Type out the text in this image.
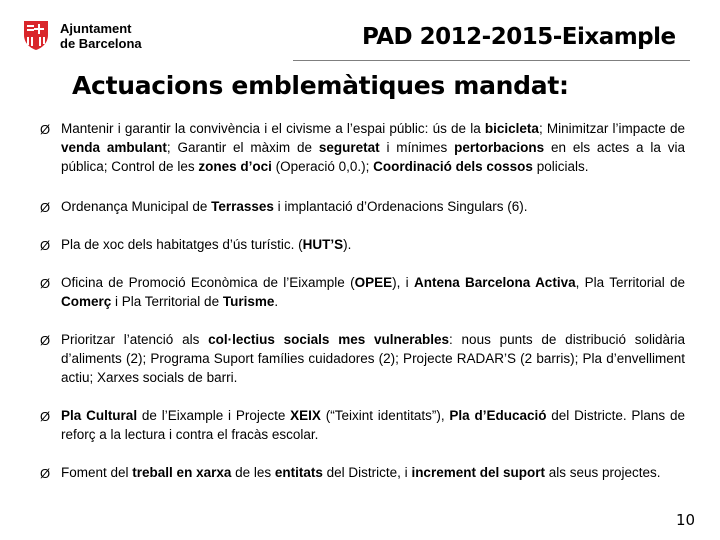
Ajuntament
de Barcelona	PAD 2012-2015-Eixample
Actuacions emblemàtiques mandat:
Ø Mantenir i garantir la convivència i el civisme a l’espai públic: ús de la bicicleta; Minimitzar l’impacte de venda ambulant; Garantir el màxim de seguretat i mínimes pertorbacions en els actes a la via pública; Control de les zones d’oci (Operació 0,0.); Coordinació dels cossos policials.
Ø Ordenança Municipal de Terrasses i implantació d’Ordenacions Singulars (6).
Ø Pla de xoc dels habitatges d’ús turístic. (HUT’S).
Ø Oficina de Promoció Econòmica de l’Eixample (OPEE), i Antena Barcelona Activa, Pla Territorial de Comerç i Pla Territorial de Turisme.
Ø Prioritzar l’atenció als col·lectius socials mes vulnerables: nous punts de distribució solidària d’aliments (2); Programa Suport famílies cuidadores (2); Projecte RADAR’S (2 barris); Pla d’envelliment actiu; Xarxes socials de barri.
Ø Pla Cultural de l’Eixample i Projecte XEIX (“Teixint identitats”), Pla d’Educació del Districte. Plans de reforç a la lectura i contra el fracàs escolar.
Ø Foment del treball en xarxa de les entitats del Districte, i increment del suport als seus projectes.
10
